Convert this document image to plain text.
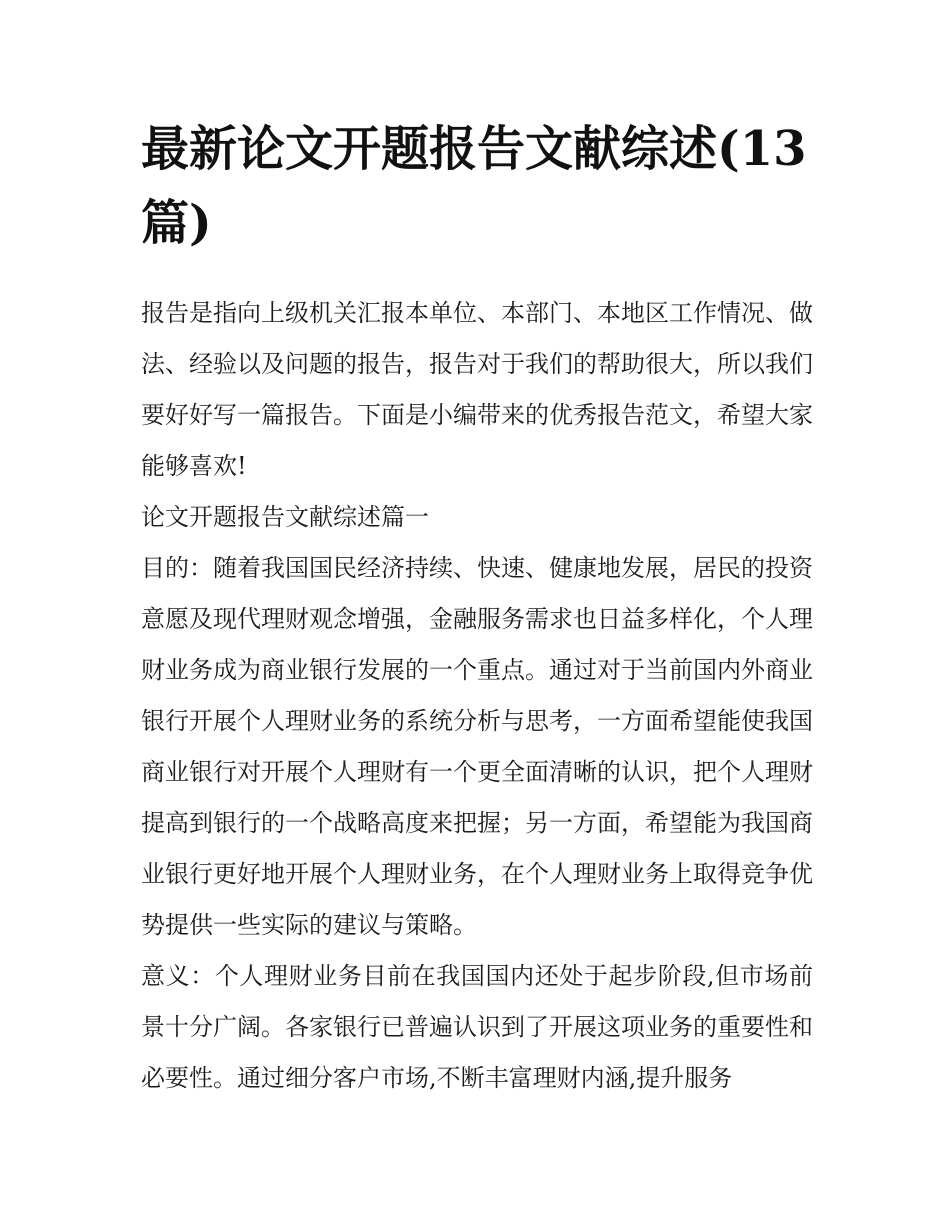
最新论文开题报告文献综述(13篇)

报告是指向上级机关汇报本单位、本部门、本地区工作情况、做法、经验以及问题的报告，报告对于我们的帮助很大，所以我们要好好写一篇报告。下面是小编带来的优秀报告范文，希望大家能够喜欢!

论文开题报告文献综述篇一

目的：随着我国国民经济持续、快速、健康地发展，居民的投资意愿及现代理财观念增强，金融服务需求也日益多样化，个人理财业务成为商业银行发展的一个重点。通过对于当前国内外商业银行开展个人理财业务的系统分析与思考，一方面希望能使我国商业银行对开展个人理财有一个更全面清晰的认识，把个人理财提高到银行的一个战略高度来把握；另一方面，希望能为我国商业银行更好地开展个人理财业务，在个人理财业务上取得竞争优势提供一些实际的建议与策略。

意义：个人理财业务目前在我国国内还处于起步阶段,但市场前景十分广阔。各家银行已普遍认识到了开展这项业务的重要性和必要性。通过细分客户市场,不断丰富理财内涵,提升服务
